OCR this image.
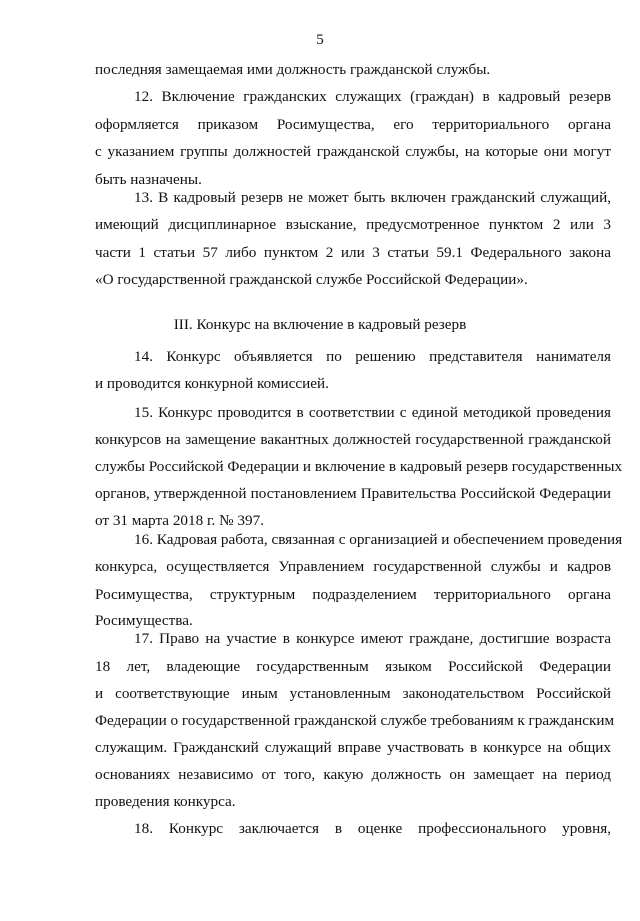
5
последняя замещаемая ими должность гражданской службы.
12. Включение гражданских служащих (граждан) в кадровый резерв
оформляется приказом Росимущества, его территориального органа
с указанием группы должностей гражданской службы, на которые они могут
быть назначены.
13. В кадровый резерв не может быть включен гражданский служащий,
имеющий дисциплинарное взыскание, предусмотренное пунктом 2 или 3
части 1 статьи 57 либо пунктом 2 или 3 статьи 59.1 Федерального закона
«О государственной гражданской службе Российской Федерации».
III. Конкурс на включение в кадровый резерв
14. Конкурс объявляется по решению представителя нанимателя
и проводится конкурной комиссией.
15. Конкурс проводится в соответствии с единой методикой проведения
конкурсов на замещение вакантных должностей государственной гражданской
службы Российской Федерации и включение в кадровый резерв государственных
органов, утвержденной постановлением Правительства Российской Федерации
от 31 марта 2018 г. № 397.
16. Кадровая работа, связанная с организацией и обеспечением проведения
конкурса, осуществляется Управлением государственной службы и кадров
Росимущества, структурным подразделением территориального органа
Росимущества.
17. Право на участие в конкурсе имеют граждане, достигшие возраста
18 лет, владеющие государственным языком Российской Федерации
и соответствующие иным установленным законодательством Российской
Федерации о государственной гражданской службе требованиям к гражданским
служащим. Гражданский служащий вправе участвовать в конкурсе на общих
основаниях независимо от того, какую должность он замещает на период
проведения конкурса.
18. Конкурс заключается в оценке профессионального уровня,
